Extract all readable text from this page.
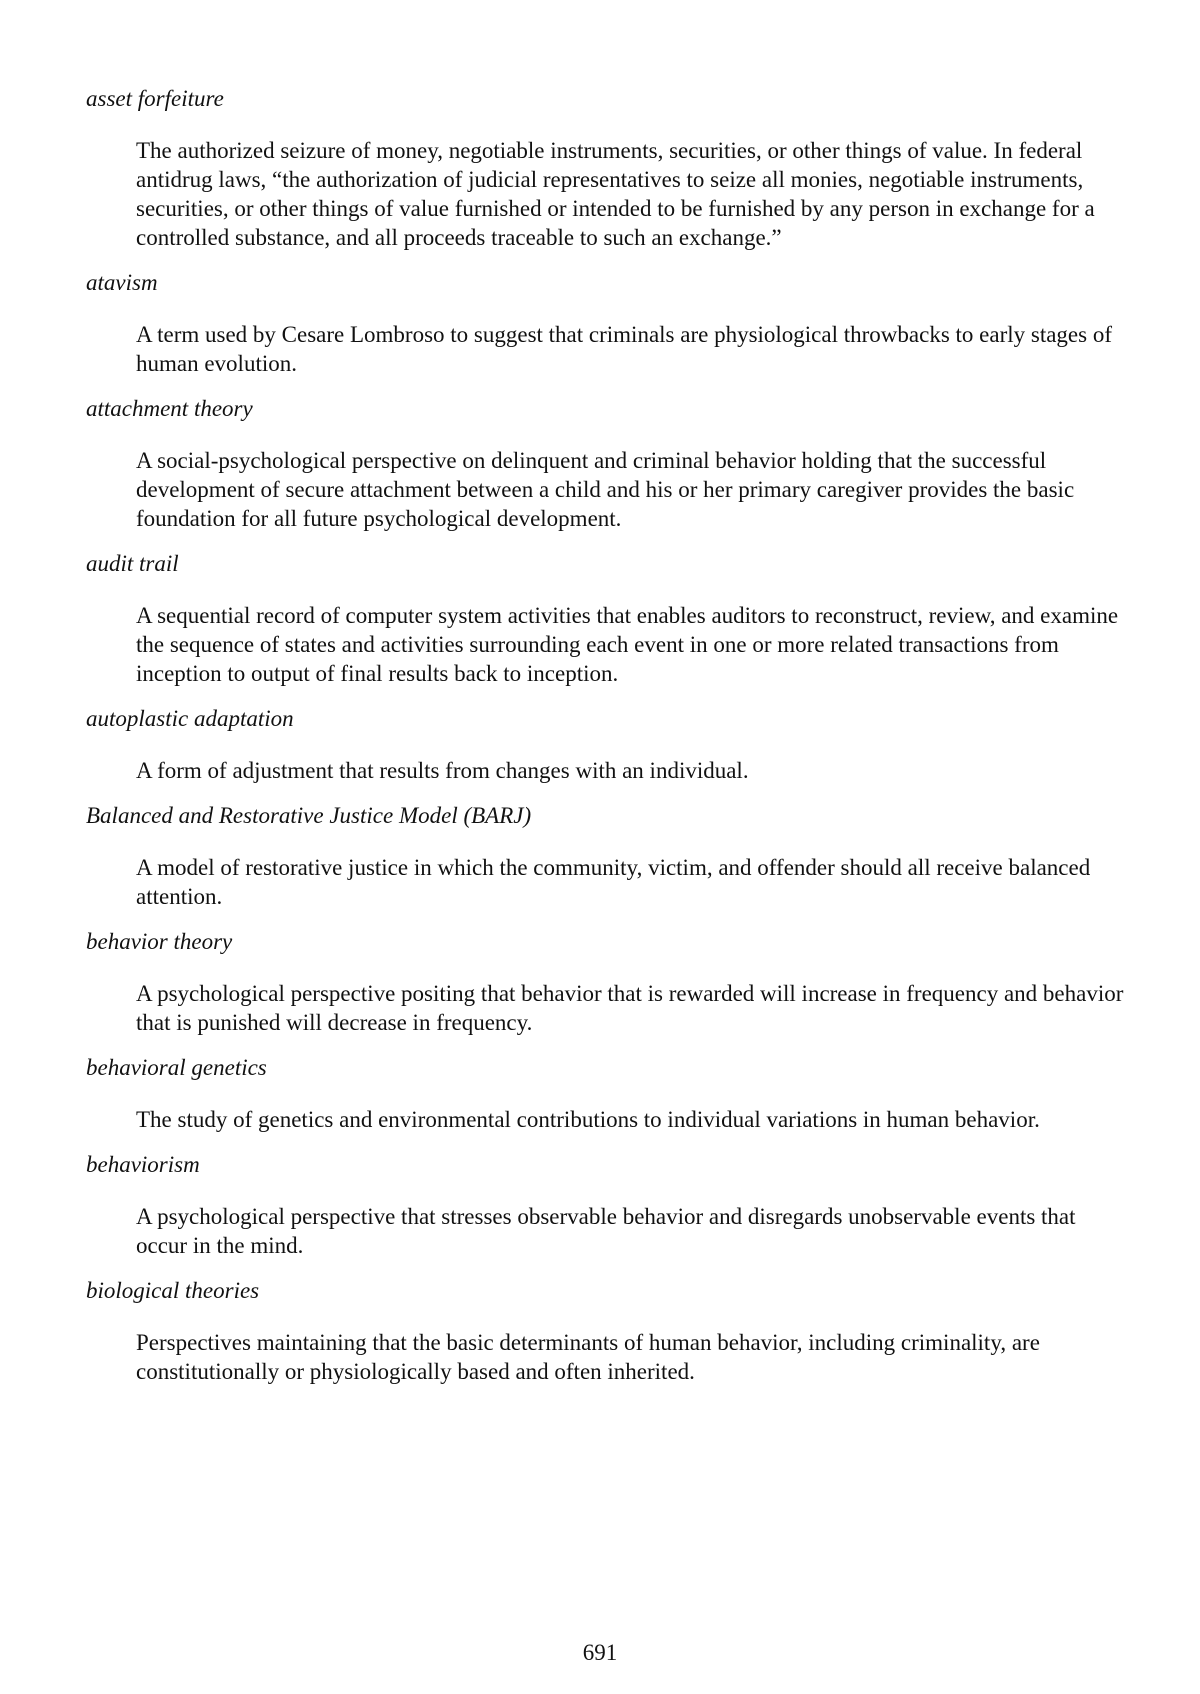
asset forfeiture

The authorized seizure of money, negotiable instruments, securities, or other things of value. In federal antidrug laws, “the authorization of judicial representatives to seize all monies, negotiable instruments, securities, or other things of value furnished or intended to be furnished by any person in exchange for a controlled substance, and all proceeds traceable to such an exchange.”

atavism

A term used by Cesare Lombroso to suggest that criminals are physiological throwbacks to early stages of human evolution.

attachment theory

A social-psychological perspective on delinquent and criminal behavior holding that the successful development of secure attachment between a child and his or her primary caregiver provides the basic foundation for all future psychological development.

audit trail

A sequential record of computer system activities that enables auditors to reconstruct, review, and examine the sequence of states and activities surrounding each event in one or more related transactions from inception to output of final results back to inception.

autoplastic adaptation

A form of adjustment that results from changes with an individual.

Balanced and Restorative Justice Model (BARJ)

A model of restorative justice in which the community, victim, and offender should all receive balanced attention.

behavior theory

A psychological perspective positing that behavior that is rewarded will increase in frequency and behavior that is punished will decrease in frequency.

behavioral genetics

The study of genetics and environmental contributions to individual variations in human behavior.

behaviorism

A psychological perspective that stresses observable behavior and disregards unobservable events that occur in the mind.

biological theories

Perspectives maintaining that the basic determinants of human behavior, including criminality, are constitutionally or physiologically based and often inherited.

691
